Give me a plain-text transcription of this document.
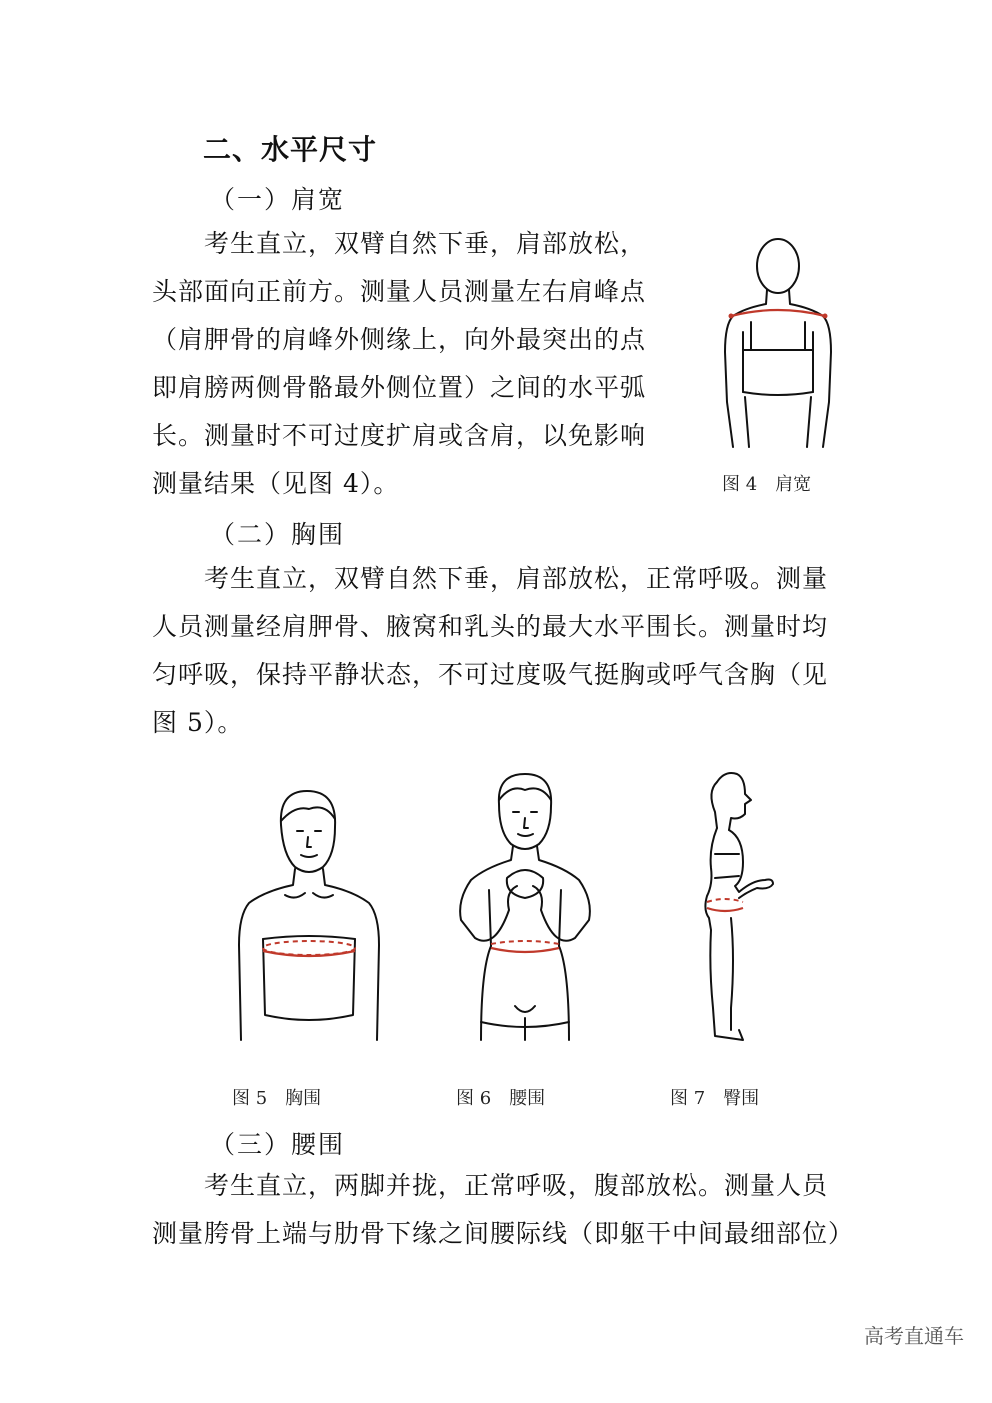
二、水平尺寸
（一）肩宽
考生直立，双臂自然下垂，肩部放松，
头部面向正前方。测量人员测量左右肩峰点
（肩胛骨的肩峰外侧缘上，向外最突出的点
即肩膀两侧骨骼最外侧位置）之间的水平弧
长。测量时不可过度扩肩或含肩，以免影响
测量结果（见图 4）。	图 4　肩宽
（二）胸围
考生直立，双臂自然下垂，肩部放松，正常呼吸。测量
人员测量经肩胛骨、腋窝和乳头的最大水平围长。测量时均
匀呼吸，保持平静状态，不可过度吸气挺胸或呼气含胸（见
图 5）。
图 5　胸围	图 6　腰围	图 7　臀围
（三）腰围
考生直立，两脚并拢，正常呼吸，腹部放松。测量人员
测量胯骨上端与肋骨下缘之间腰际线（即躯干中间最细部位）
高考直通车
